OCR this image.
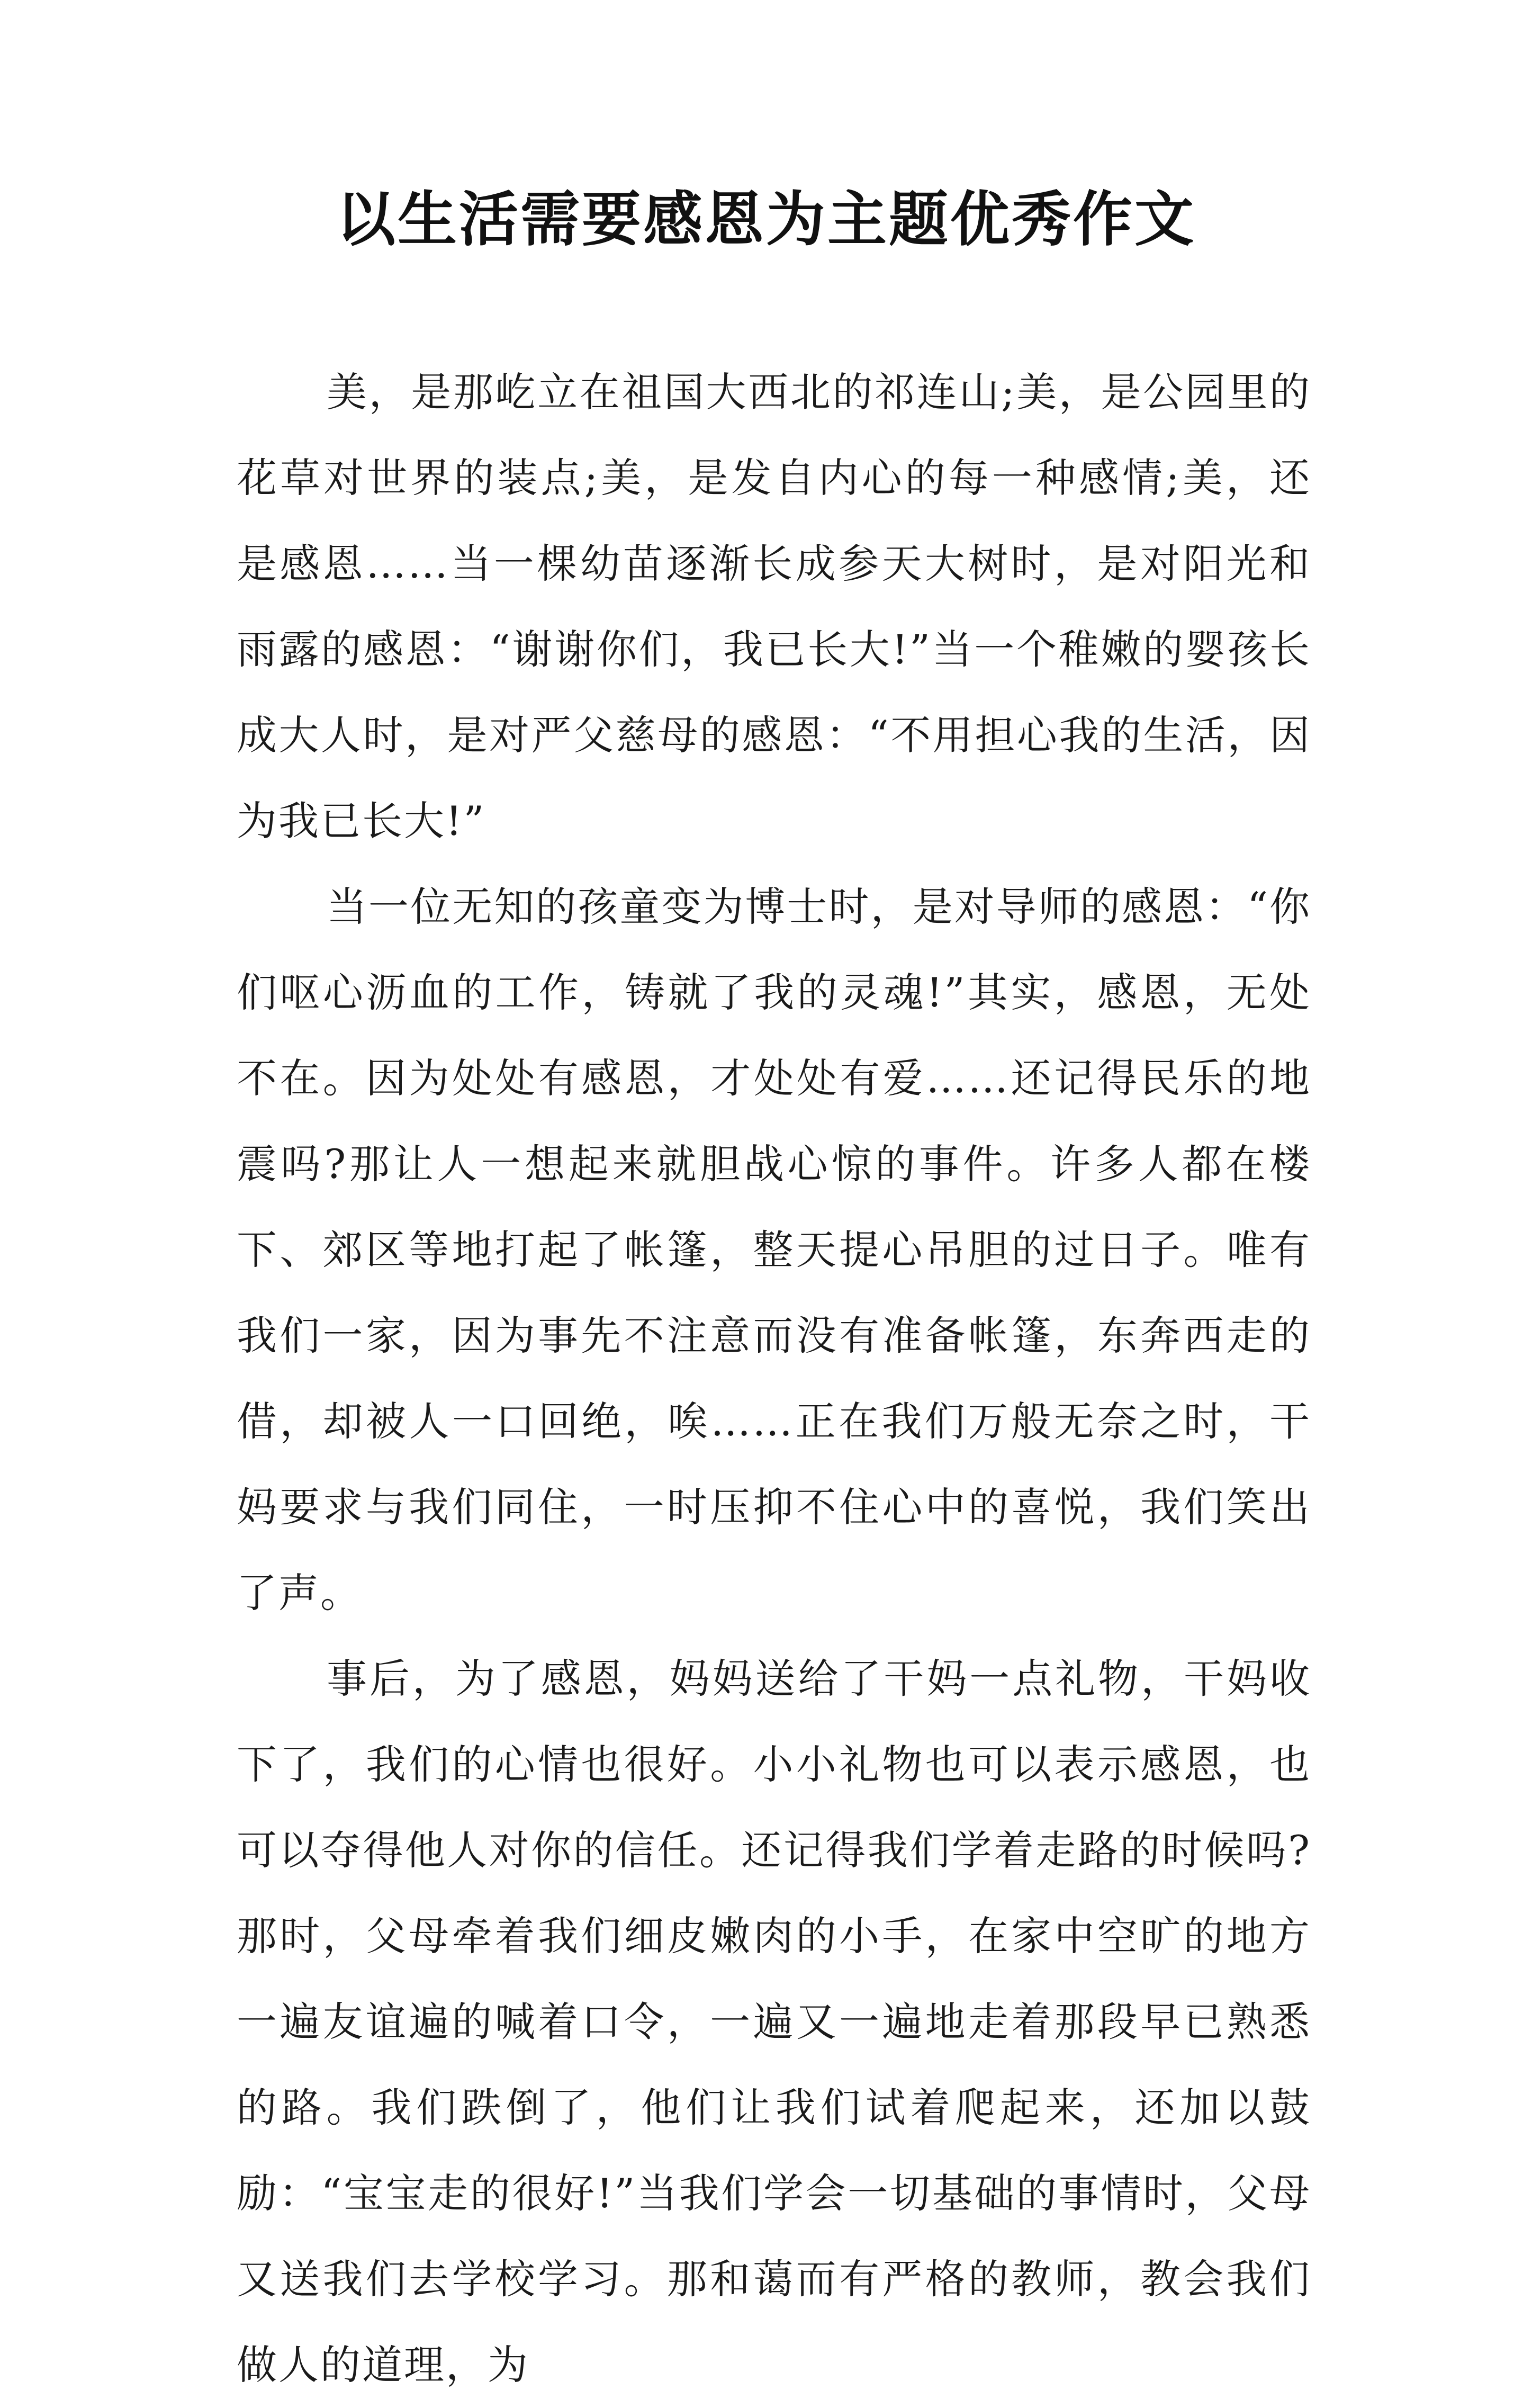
以生活需要感恩为主题优秀作文

美，是那屹立在祖国大西北的祁连山;美，是公园里的花草对世界的装点;美，是发自内心的每一种感情;美，还是感恩……当一棵幼苗逐渐长成参天大树时，是对阳光和雨露的感恩：“谢谢你们，我已长大!”当一个稚嫩的婴孩长成大人时，是对严父慈母的感恩：“不用担心我的生活，因为我已长大!”

当一位无知的孩童变为博士时，是对导师的感恩：“你们呕心沥血的工作，铸就了我的灵魂!”其实，感恩，无处不在。因为处处有感恩，才处处有爱……还记得民乐的地震吗?那让人一想起来就胆战心惊的事件。许多人都在楼下、郊区等地打起了帐篷，整天提心吊胆的过日子。唯有我们一家，因为事先不注意而没有准备帐篷，东奔西走的借，却被人一口回绝，唉……正在我们万般无奈之时，干妈要求与我们同住，一时压抑不住心中的喜悦，我们笑出了声。

事后，为了感恩，妈妈送给了干妈一点礼物，干妈收下了，我们的心情也很好。小小礼物也可以表示感恩，也可以夺得他人对你的信任。还记得我们学着走路的时候吗?那时，父母牵着我们细皮嫩肉的小手，在家中空旷的地方一遍友谊遍的喊着口令，一遍又一遍地走着那段早已熟悉的路。我们跌倒了，他们让我们试着爬起来，还加以鼓励：“宝宝走的很好!”当我们学会一切基础的事情时，父母又送我们去学校学习。那和蔼而有严格的教师，教会我们做人的道理，为
